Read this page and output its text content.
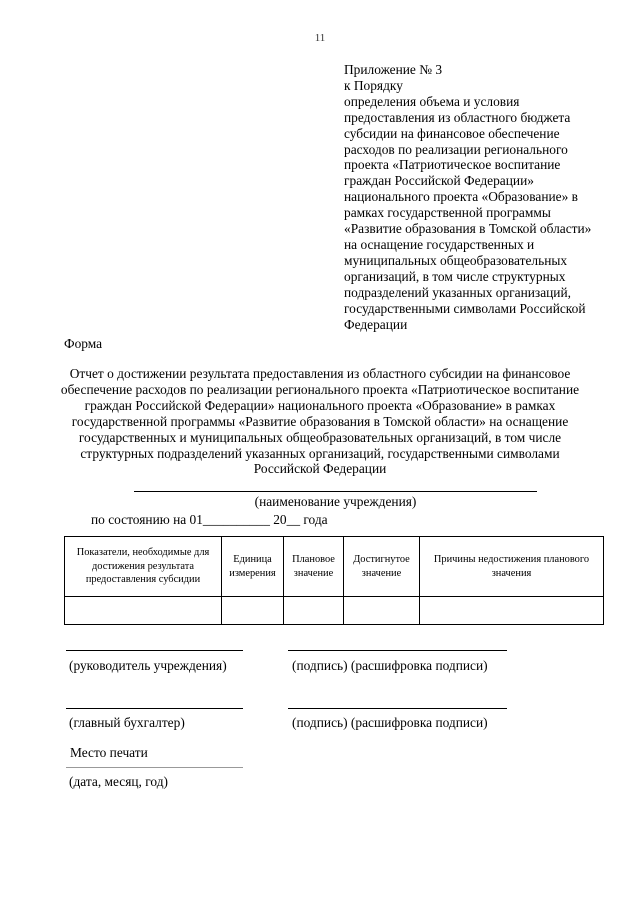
11
Приложение № 3
к Порядку
определения объема и условия
предоставления из областного бюджета
субсидии на финансовое обеспечение
расходов по реализации регионального
проекта «Патриотическое воспитание
граждан Российской Федерации»
национального проекта «Образование» в
рамках государственной программы
«Развитие образования в Томской области»
на оснащение государственных и
муниципальных общеобразовательных
организаций, в том числе структурных
подразделений указанных организаций,
государственными символами Российской
Федерации
Форма
Отчет о достижении результата предоставления из областного субсидии на финансовое
обеспечение расходов по реализации регионального проекта «Патриотическое воспитание
граждан Российской Федерации» национального проекта «Образование» в рамках
государственной программы «Развитие образования в Томской области» на оснащение
государственных и муниципальных общеобразовательных организаций, в том числе
структурных подразделений указанных организаций, государственными символами
Российской Федерации
(наименование учреждения)
по состоянию на 01__________ 20__ года
Показатели, необходимые для достижения результата предоставления субсидии	Единица измерения	Плановое значение	Достигнутое значение	Причины недостижения планового значения

(руководитель учреждения)	(подпись) (расшифровка подписи)
(главный бухгалтер)	(подпись) (расшифровка подписи)
Место печати
(дата, месяц, год)
